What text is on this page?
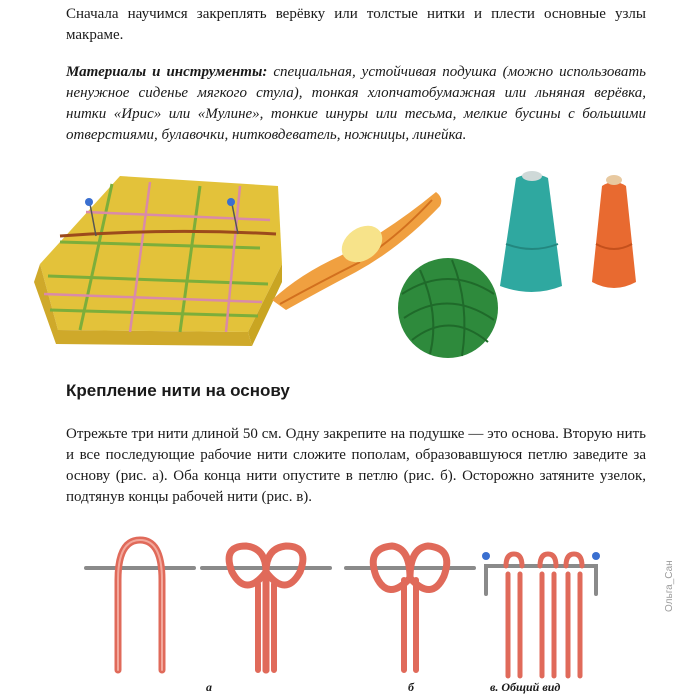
Сначала научимся закреплять верёвку или толстые нитки и плести основные узлы макраме.

Материалы и инструменты: специальная, устойчивая подушка (можно использовать ненужное сиденье мягкого стула), тонкая хлопчатобумажная или льняная верёвка, нитки «Ирис» или «Мулине», тонкие шнуры или тесьма, мелкие бусины с большими отверстиями, булавочки, нитковдеватель, ножницы, линейка.

Крепление нити на основу

Отрежьте три нити длиной 50 см. Одну закрепите на подушке — это основа. Вторую нить и все последующие рабочие нити сложите пополам, образовавшуюся петлю заведите за основу (рис. а). Оба конца нити опустите в петлю (рис. б). Осторожно затяните узелок, подтянув концы рабочей нити (рис. в).

а	б	в. Общий вид

Ольга_Сан
